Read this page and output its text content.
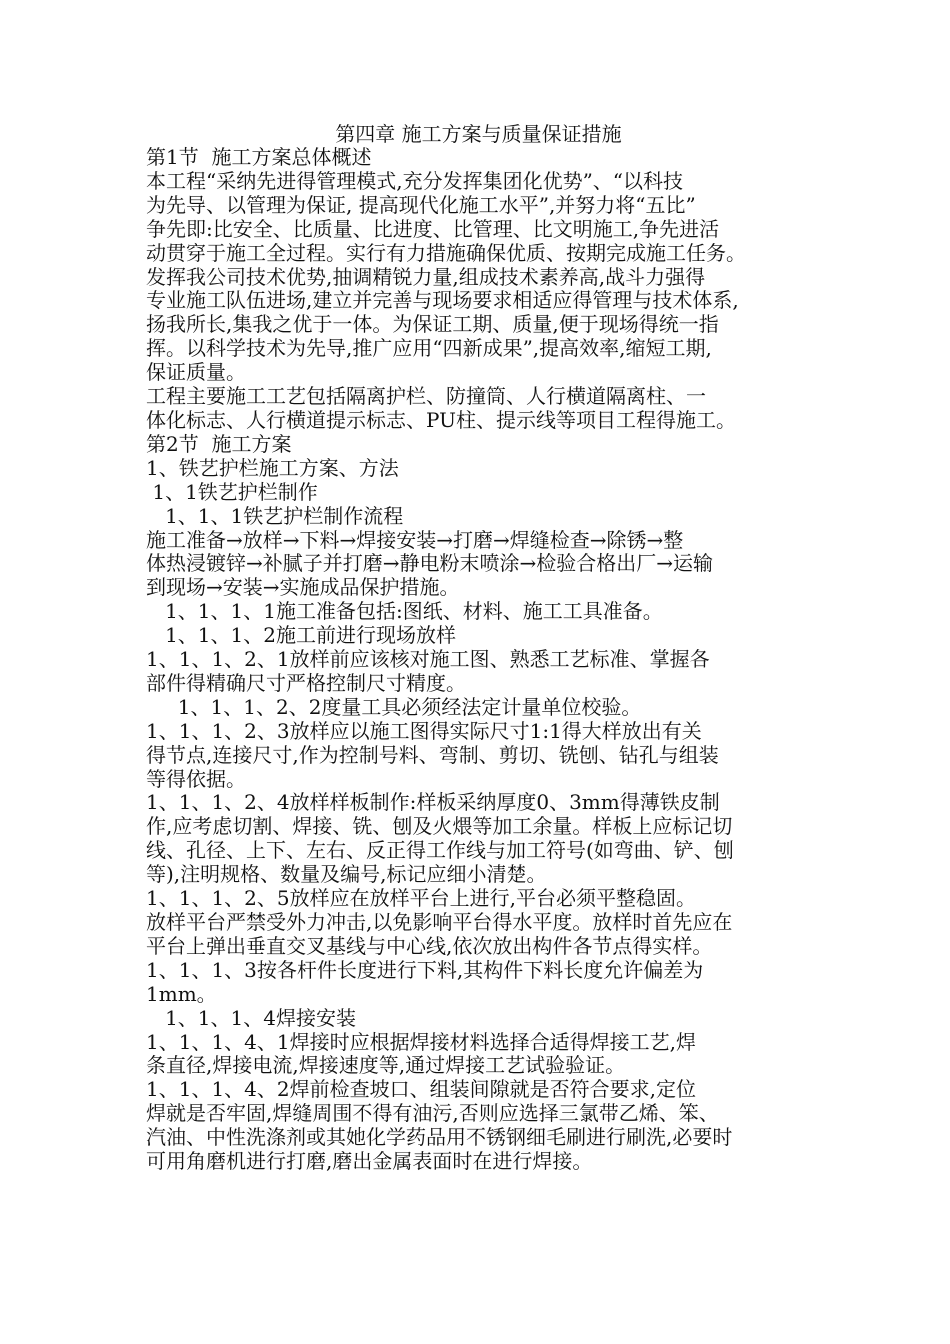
第四章 施工方案与质量保证措施

第1节  施工方案总体概述

本工程“采纳先进得管理模式,充分发挥集团化优势”、“以科技
为先导、以管理为保证, 提高现代化施工水平”,并努力将“五比”
争先即:比安全、比质量、比进度、比管理、比文明施工,争先进活
动贯穿于施工全过程。实行有力措施确保优质、按期完成施工任务。
发挥我公司技术优势,抽调精锐力量,组成技术素养高,战斗力强得
专业施工队伍进场,建立并完善与现场要求相适应得管理与技术体系,
扬我所长,集我之优于一体。为保证工期、质量,便于现场得统一指
挥。以科学技术为先导,推广应用“四新成果”,提高效率,缩短工期,
保证质量。
工程主要施工工艺包括隔离护栏、防撞筒、人行横道隔离柱、一
体化标志、人行横道提示标志、PU柱、提示线等项目工程得施工。

第2节  施工方案

1、铁艺护栏施工方案、方法

1、1铁艺护栏制作

1、1、1铁艺护栏制作流程

施工准备→放样→下料→焊接安装→打磨→焊缝检查→除锈→整
体热浸镀锌→补腻子并打磨→静电粉末喷涂→检验合格出厂→运输
到现场→安装→实施成品保护措施。

1、1、1、1施工准备包括:图纸、材料、施工工具准备。

1、1、1、2施工前进行现场放样

1、1、1、2、1放样前应该核对施工图、熟悉工艺标准、掌握各
部件得精确尺寸严格控制尺寸精度。

1、1、1、2、2度量工具必须经法定计量单位校验。

1、1、1、2、3放样应以施工图得实际尺寸1:1得大样放出有关
得节点,连接尺寸,作为控制号料、弯制、剪切、铣刨、钻孔与组装
等得依据。
1、1、1、2、4放样样板制作:样板采纳厚度0、3mm得薄铁皮制
作,应考虑切割、焊接、铣、刨及火煨等加工余量。样板上应标记切
线、孔径、上下、左右、反正得工作线与加工符号(如弯曲、铲、刨
等),注明规格、数量及编号,标记应细小清楚。
1、1、1、2、5放样应在放样平台上进行,平台必须平整稳固。
放样平台严禁受外力冲击,以免影响平台得水平度。放样时首先应在
平台上弹出垂直交叉基线与中心线,依次放出构件各节点得实样。
1、1、1、3按各杆件长度进行下料,其构件下料长度允许偏差为
1mm。

1、1、1、4焊接安装

1、1、1、4、1焊接时应根据焊接材料选择合适得焊接工艺,焊
条直径,焊接电流,焊接速度等,通过焊接工艺试验验证。
1、1、1、4、2焊前检查坡口、组装间隙就是否符合要求,定位
焊就是否牢固,焊缝周围不得有油污,否则应选择三氯带乙烯、笨、
汽油、中性洗涤剂或其她化学药品用不锈钢细毛刷进行刷洗,必要时
可用角磨机进行打磨,磨出金属表面时在进行焊接。
